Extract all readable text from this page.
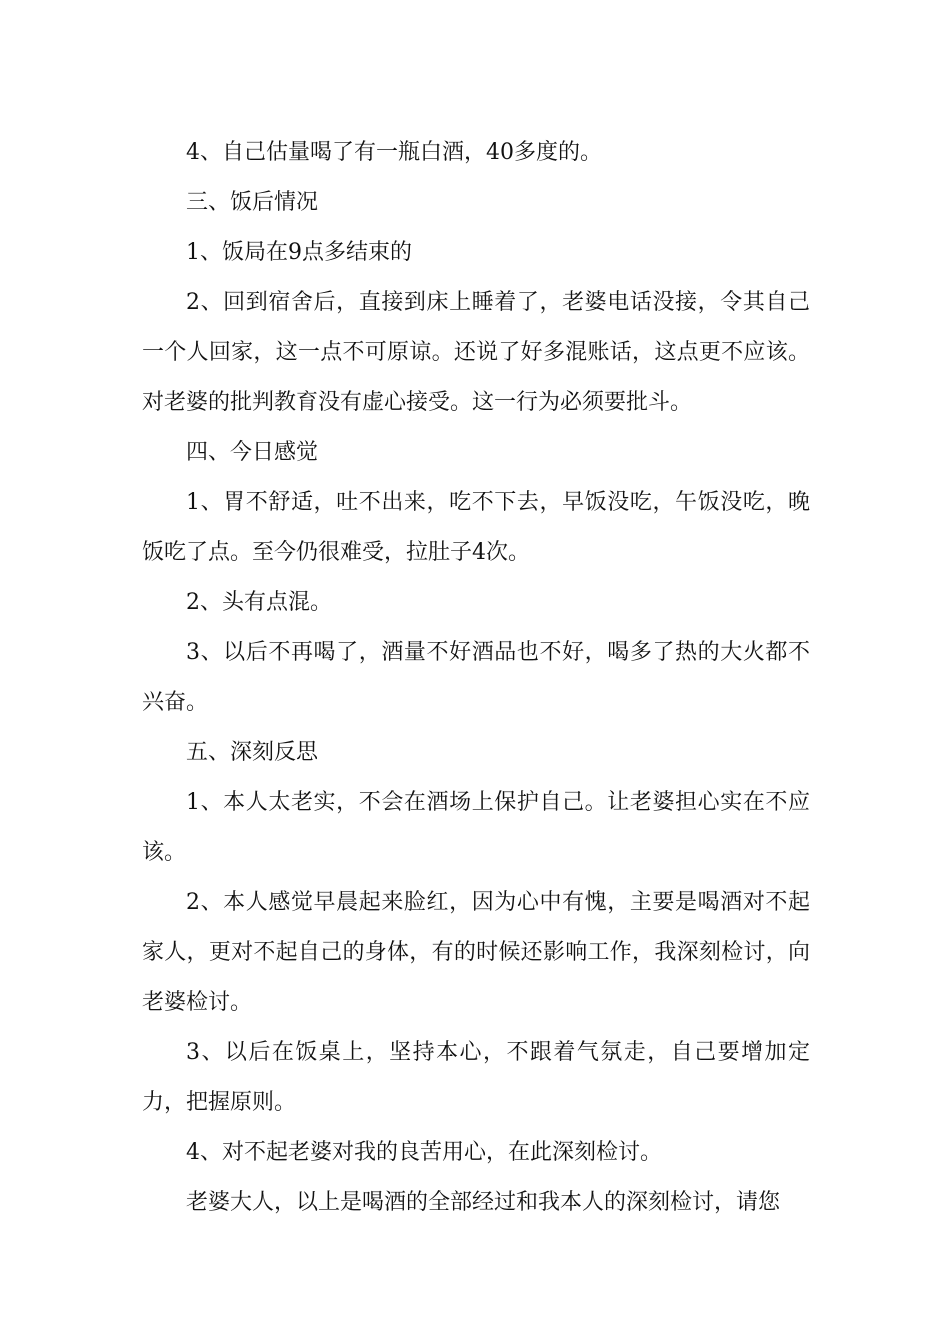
4、自己估量喝了有一瓶白酒，40多度的。

三、饭后情况

1、饭局在9点多结束的

2、回到宿舍后，直接到床上睡着了，老婆电话没接，令其自己一个人回家，这一点不可原谅。还说了好多混账话，这点更不应该。对老婆的批判教育没有虚心接受。这一行为必须要批斗。

四、今日感觉

1、胃不舒适，吐不出来，吃不下去，早饭没吃，午饭没吃，晚饭吃了点。至今仍很难受，拉肚子4次。

2、头有点混。

3、以后不再喝了，酒量不好酒品也不好，喝多了热的大火都不兴奋。

五、深刻反思

1、本人太老实，不会在酒场上保护自己。让老婆担心实在不应该。

2、本人感觉早晨起来脸红，因为心中有愧，主要是喝酒对不起家人，更对不起自己的身体，有的时候还影响工作，我深刻检讨，向老婆检讨。

3、以后在饭桌上，坚持本心，不跟着气氛走，自己要增加定力，把握原则。

4、对不起老婆对我的良苦用心，在此深刻检讨。

老婆大人，以上是喝酒的全部经过和我本人的深刻检讨，请您
